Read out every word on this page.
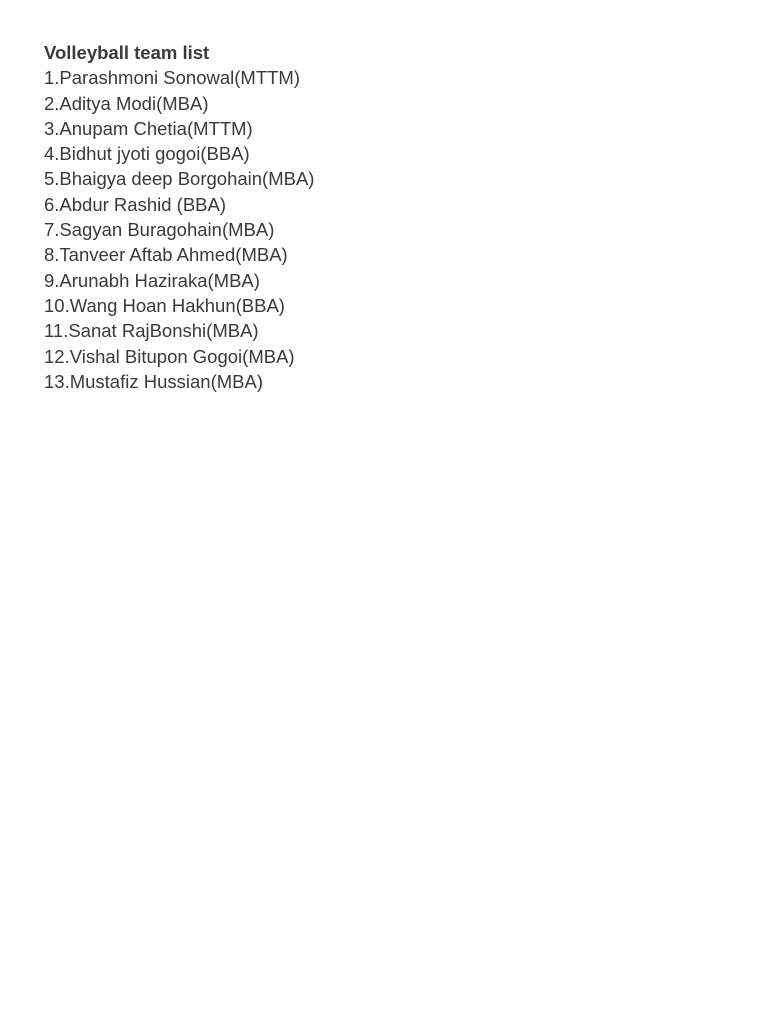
Volleyball team list
1.Parashmoni Sonowal(MTTM)
2.Aditya Modi(MBA)
3.Anupam Chetia(MTTM)
4.Bidhut jyoti gogoi(BBA)
5.Bhaigya deep Borgohain(MBA)
6.Abdur Rashid (BBA)
7.Sagyan Buragohain(MBA)
8.Tanveer Aftab Ahmed(MBA)
9.Arunabh Haziraka(MBA)
10.Wang Hoan Hakhun(BBA)
11.Sanat RajBonshi(MBA)
12.Vishal Bitupon Gogoi(MBA)
13.Mustafiz Hussian(MBA)
